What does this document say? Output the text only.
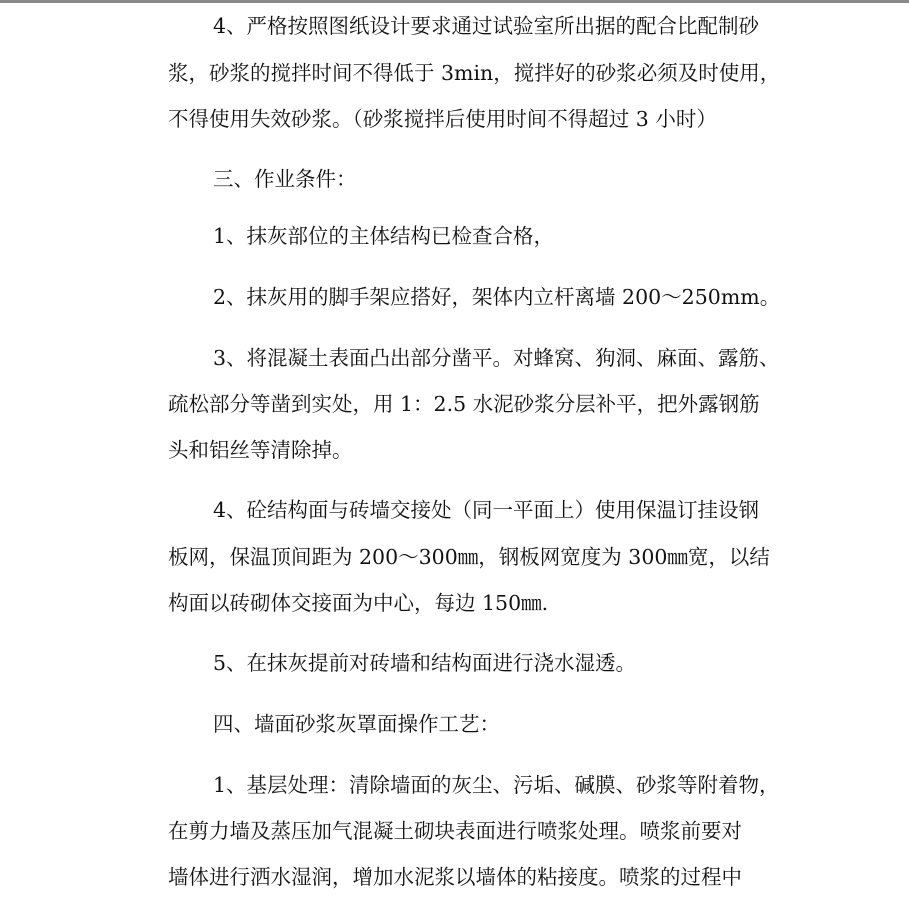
4、严格按照图纸设计要求通过试验室所出据的配合比配制砂
浆，砂浆的搅拌时间不得低于 3min，搅拌好的砂浆必须及时使用，
不得使用失效砂浆。（砂浆搅拌后使用时间不得超过 3 小时）
三、作业条件：
1、抹灰部位的主体结构已检查合格，
2、抹灰用的脚手架应搭好，架体内立杆离墙 200～250mm。
3、将混凝土表面凸出部分凿平。对蜂窝、狗洞、麻面、露筋、
疏松部分等凿到实处，用 1：2.5 水泥砂浆分层补平，把外露钢筋
头和铝丝等清除掉。
4、砼结构面与砖墙交接处（同一平面上）使用保温订挂设钢
板网，保温顶间距为 200～300㎜，钢板网宽度为 300㎜宽，以结
构面以砖砌体交接面为中心，每边 150㎜.
5、在抹灰提前对砖墙和结构面进行浇水湿透。
四、墙面砂浆灰罩面操作工艺：
1、基层处理：清除墙面的灰尘、污垢、碱膜、砂浆等附着物，
在剪力墙及蒸压加气混凝土砌块表面进行喷浆处理。喷浆前要对
墙体进行洒水湿润，增加水泥浆以墙体的粘接度。喷浆的过程中
